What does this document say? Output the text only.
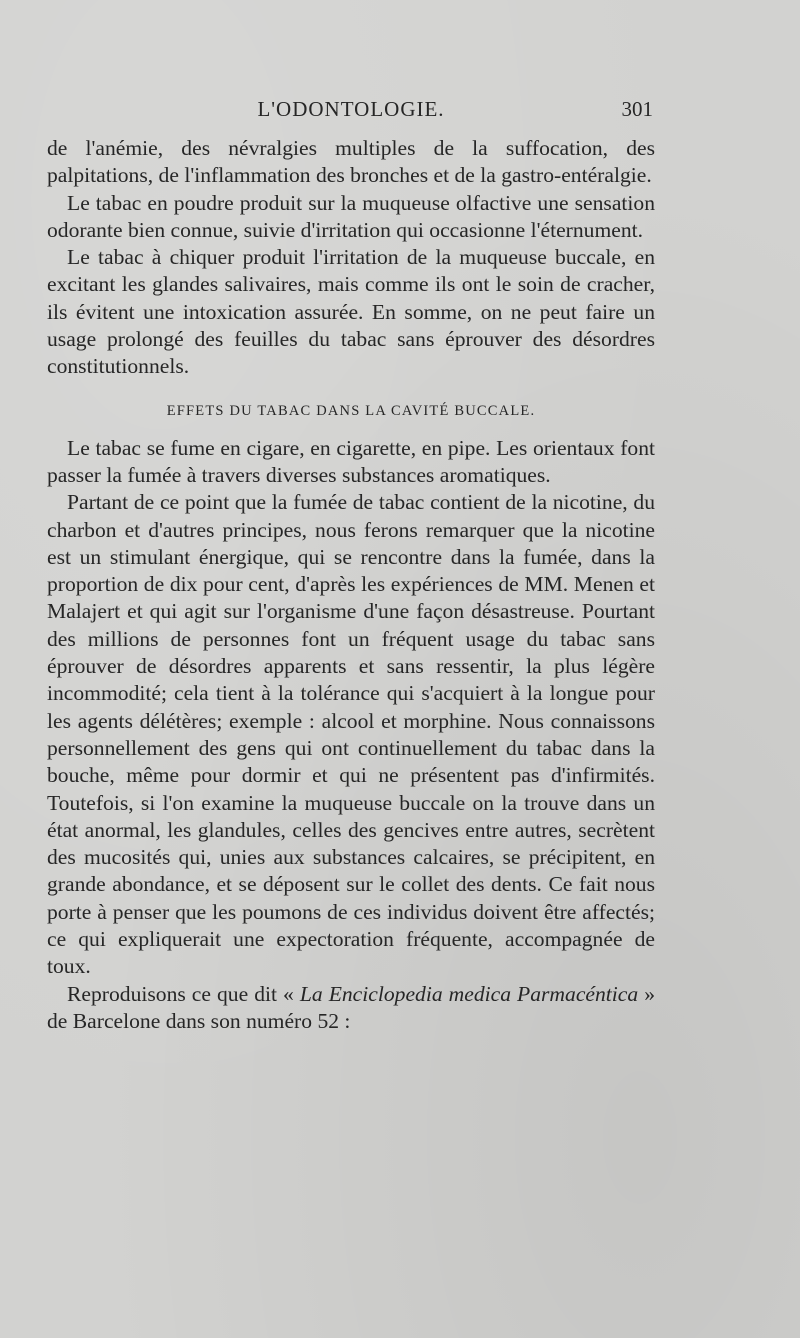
L'ODONTOLOGIE.	301

de l'anémie, des névralgies multiples de la suffocation, des palpitations, de l'inflammation des bronches et de la gastro-entéralgie.

Le tabac en poudre produit sur la muqueuse olfactive une sensation odorante bien connue, suivie d'irritation qui occasionne l'éternument.

Le tabac à chiquer produit l'irritation de la muqueuse buccale, en excitant les glandes salivaires, mais comme ils ont le soin de cracher, ils évitent une intoxication assurée. En somme, on ne peut faire un usage prolongé des feuilles du tabac sans éprouver des désordres constitutionnels.

EFFETS DU TABAC DANS LA CAVITÉ BUCCALE.

Le tabac se fume en cigare, en cigarette, en pipe. Les orientaux font passer la fumée à travers diverses substances aromatiques.

Partant de ce point que la fumée de tabac contient de la nicotine, du charbon et d'autres principes, nous ferons remarquer que la nicotine est un stimulant énergique, qui se rencontre dans la fumée, dans la proportion de dix pour cent, d'après les expériences de MM. Menen et Malajert et qui agit sur l'organisme d'une façon désastreuse. Pourtant des millions de personnes font un fréquent usage du tabac sans éprouver de désordres apparents et sans ressentir, la plus légère incommodité; cela tient à la tolérance qui s'acquiert à la longue pour les agents délétères; exemple : alcool et morphine. Nous connaissons personnellement des gens qui ont continuellement du tabac dans la bouche, même pour dormir et qui ne présentent pas d'infirmités. Toutefois, si l'on examine la muqueuse buccale on la trouve dans un état anormal, les glandules, celles des gencives entre autres, secrètent des mucosités qui, unies aux substances calcaires, se précipitent, en grande abondance, et se déposent sur le collet des dents. Ce fait nous porte à penser que les poumons de ces individus doivent être affectés; ce qui expliquerait une expectoration fréquente, accompagnée de toux.

Reproduisons ce que dit « La Enciclopedia medica Parmacéntica » de Barcelone dans son numéro 52 :
